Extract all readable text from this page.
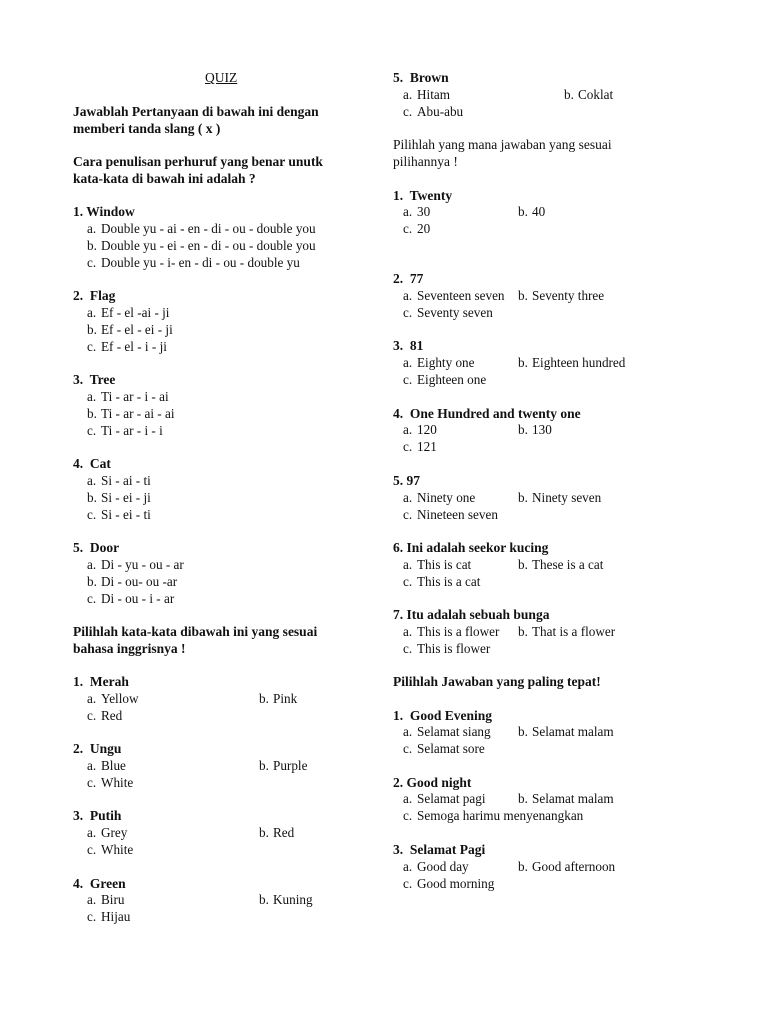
QUIZ
Jawablah Pertanyaan di bawah ini dengan
memberi tanda slang ( x )
Cara penulisan perhuruf yang benar unutk
kata-kata di bawah ini adalah ?
1. Window
a. Double yu - ai - en - di - ou - double you
b. Double yu - ei - en - di - ou - double you
c. Double yu - i- en - di - ou - double yu
2. Flag
a. Ef - el -ai - ji
b. Ef - el - ei - ji
c. Ef - el - i - ji
3. Tree
a. Ti - ar - i - ai
b. Ti - ar - ai - ai
c. Ti - ar - i - i
4. Cat
a. Si - ai - ti
b. Si - ei - ji
c. Si - ei - ti
5. Door
a. Di - yu - ou - ar
b. Di - ou- ou -ar
c. Di - ou - i - ar
Pilihlah kata-kata dibawah ini yang sesuai
bahasa inggrisnya !
1. Merah
a. Yellow	b. Pink
c. Red
2. Ungu
a. Blue	b. Purple
c. White
3. Putih
a. Grey	b. Red
c. White
4. Green
a. Biru	b. Kuning
c. Hijau
5. Brown
a. Hitam	b. Coklat
c. Abu-abu
Pilihlah yang mana jawaban yang sesuai
pilihannya !
1. Twenty
a. 30	b. 40
c. 20
2. 77
a. Seventeen seven b. Seventy three
c. Seventy seven
3. 81
a. Eighty one	b. Eighteen hundred
c. Eighteen one
4. One Hundred and twenty one
a. 120	b. 130
c. 121
5. 97
a. Ninety one	b. Ninety seven
c. Nineteen seven
6. Ini adalah seekor kucing
a. This is cat	b. These is a cat
c. This is a cat
7. Itu adalah sebuah bunga
a. This is a flower b. That is a flower
c. This is flower
Pilihlah Jawaban yang paling tepat!
1. Good Evening
a. Selamat siang b. Selamat malam
c. Selamat sore
2. Good night
a. Selamat pagi b. Selamat malam
c. Semoga harimu menyenangkan
3. Selamat Pagi
a. Good day	b. Good afternoon
c. Good morning
